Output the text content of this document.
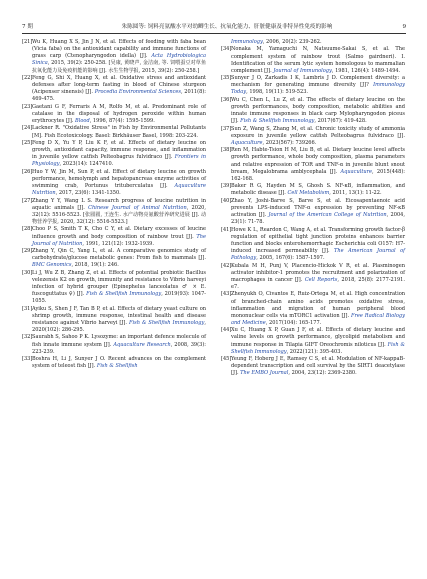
7 期	朱陈圆等: 饲料亮氨酸水平对幼鲫生长、抗氧化能力、肝脏健康及非特异性免疫的影响	9
[21]Wu K, Huang X S, Jin J N, et al. Effects of feeding with faba bean (Vicia faba) on the antioxidant capability and immune functions of grass carp (Ctenopharyngodon idella) [J]. Acta Hydrobiologica Sinica, 2015, 39(2): 250-258. [吴康, 黄晓声, 金洁南, 等. 饲喂蚕豆对草鱼抗氧化能力及免疫机能的影响 [J]. 水生生物学报, 2015, 39(2): 250-258.]
[22]Feng G, Shi X, Huang X, et al. Oxidative stress and antioxidant defenses after long-term fasting in blood of Chinese sturgeon (Acipenser sinensis) [J]. Procedia Environmental Sciences, 2011(8): 469-475.
[23]Gaetani G F, Ferraris A M, Rolfo M, et al. Predominant role of catalase in the disposal of hydrogen peroxide within human erythrocytes [J]. Blood, 1996, 87(4): 1595-1599.
[24]Lackner R. "Oxidative Stress" in Fish by Environmental Pollutants [M]. Fish Ecotoxicology. Basel: Birkhäuser Basel, 1998: 203-224.
[25]Feng D X, Yu Y P, Liu K F, et al. Effects of dietary leucine on growth, antioxidant capacity, immune response, and inflammation in juvenile yellow catfish Pelteobagrus fulvidraco [J]. Frontiers in Physiology, 2023(14): 1247410.
[26]Huo Y W, Jin M, Sun P, et al. Effect of dietary leucine on growth performance, hemolymph and hepatopancreas enzyme activities of swimming crab, Portunus trituberculatus [J]. Aquaculture Nutrition, 2017, 23(6): 1341-1350.
[27]Zhang Y Y, Wang L S. Research progress of leucine nutrition in aquatic animals [J]. Chinese Journal of Animal Nutrition, 2020, 32(12): 5516-5523. [张圆圆, 王连生. 水产动物亮氨酸营养研究进展 [J]. 动物营养学报, 2020, 32(12): 5516-5523.]
[28]Choo P S, Smith T K, Cho C Y, et al. Dietary excesses of leucine influence growth and body composition of rainbow trout [J]. The Journal of Nutrition, 1991, 121(12): 1932-1939.
[29]Zhang Y, Qin C, Yang L, et al. A comparative genomics study of carbohydrate/glucose metabolic genes: From fish to mammals [J]. BMC Genomics, 2018, 19(1): 246.
[30]Li J, Wu Z B, Zhang Z, et al. Effects of potential probiotic Bacillus velezensis K2 on growth, immunity and resistance to Vibrio harveyi infection of hybrid grouper (Epinephelus lanceolatus ♂ × E. fuscoguttatus ♀) [J]. Fish & Shellfish Immunology, 2019(93): 1047-1055.
[31]Ayiku S, Shen J F, Tan B P, et al. Effects of dietary yeast culture on shrimp growth, immune response, intestinal health and disease resistance against Vibrio harveyi [J]. Fish & Shellfish Immunology, 2020(102): 286-295.
[32]Saurabh S, Sahoo P K. Lysozyme: an important defence molecule of fish innate immune system [J]. Aquaculture Research, 2008, 39(3): 223-239.
[33]Boshra H, Li J, Sunyer J O. Recent advances on the complement system of teleost fish [J]. Fish & Shellfish
Immunology, 2006, 20(2): 239-262.
[34]Nonaka M, Yamaguchi N, Natsuume-Sakai S, et al. The complement system of rainbow trout (Salmo gairdneri). I. Identification of the serum lytic system homologous to mammalian complement [J]. Journal of Immunology, 1981, 126(4): 1489-1494.
[35]Sunyer J O, Zarkadis I K, Lambris J D. Complement diversity: a mechanism for generating immune diversity [J]? Immunology Today, 1998, 19(11): 519-523.
[36]Wu C, Chen L, Lu Z, et al. The effects of dietary leucine on the growth performances, body composition, metabolic abilities and innate immune responses in black carp Mylopharyngodon piceus [J]. Fish & Shellfish Immunology, 2017(67): 419-428.
[37]Sun Z, Wang S, Zhang M, et al. Chronic toxicity study of ammonia exposure in juvenile yellow catfish Pelteobagrus fulvidraco [J]. Aquaculture, 2023(567): 739266.
[38]Ren M, Habte-Tsion H M, Liu B, et al. Dietary leucine level affects growth performance, whole body composition, plasma parameters and relative expression of TOR and TNF-α in juvenile blunt snout bream, Megalobrama amblycephala [J]. Aquaculture, 2015(448): 162-168.
[39]Baker R G, Hayden M S, Ghosh S. NF-κB, inflammation, and metabolic disease [J]. Cell Metabolism, 2011, 13(1): 11-22.
[40]Zhao Y, Joshi-Barve S, Barve S, et al. Eicosapentaenoic acid prevents LPS-induced TNF-α expression by preventing NF-κB activation [J]. Journal of the American College of Nutrition, 2004, 23(1): 71-78.
[41]Howe K L, Reardon C, Wang A, et al. Transforming growth factor-β regulation of epithelial tight junction proteins enhances barrier function and blocks enterohemorrhagic Escherichia coli O157: H7-induced increased permeability [J]. The American Journal of Pathology, 2005, 167(6): 1587-1597.
[42]Kubala M H, Punj V, Placencio-Hickok V R, et al. Plasminogen activator inhibitor-1 promotes the recruitment and polarization of macrophages in cancer [J]. Cell Reports, 2018, 25(8): 2177-2191. e7.
[43]Zhenyukh O, Civantos E, Ruiz-Ortega M, et al. High concentration of branched-chain amino acids promotes oxidative stress, inflammation and migration of human peripheral blood mononuclear cells via mTORC1 activation [J]. Free Radical Biology and Medicine, 2017(104): 165-177.
[44]Xu C, Huang X P, Guan J F, et al. Effects of dietary leucine and valine levels on growth performance, glycolipid metabolism and immune response in Tilapia GIFT Oreochromis niloticus [J]. Fish & Shellfish Immunology, 2022(121): 395-403.
[45]Yeung F, Hoberg J E, Ramsey C S, et al. Modulation of NF-kappaB-dependent transcription and cell survival by the SIRT1 deacetylase [J]. The EMBO Journal, 2004, 23(12): 2369-2380.
